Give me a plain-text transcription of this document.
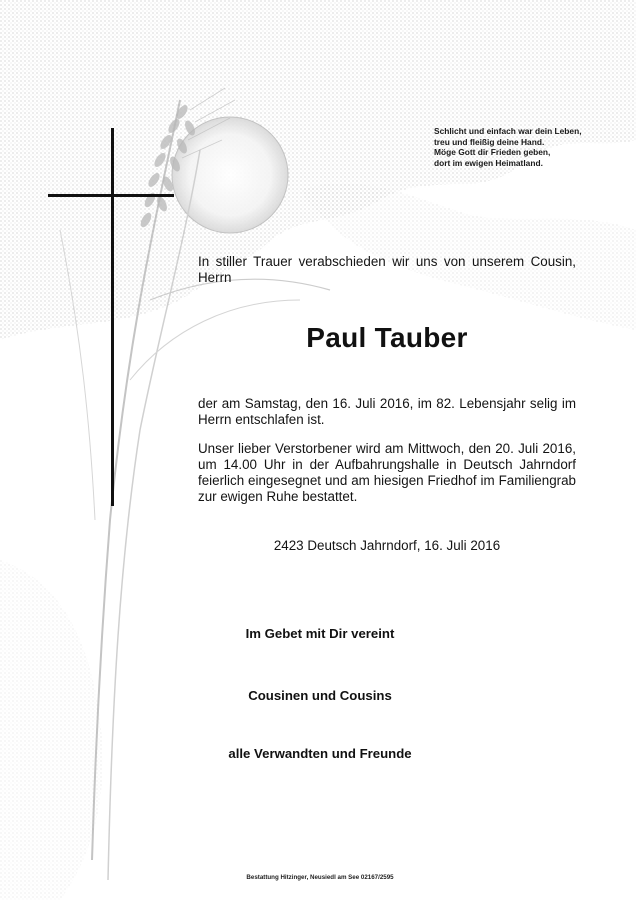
Schlicht und einfach war dein Leben,
treu und fleißig deine Hand.
Möge Gott dir Frieden geben,
dort im ewigen Heimatland.
In stiller Trauer verabschieden wir uns von unserem Cousin, Herrn
Paul Tauber
der am Samstag, den 16. Juli 2016, im 82. Lebensjahr selig im Herrn entschlafen ist.
Unser lieber Verstorbener wird am Mittwoch, den 20. Juli 2016, um 14.00 Uhr in der Aufbahrungshalle in Deutsch Jahrndorf feierlich eingesegnet und am hiesigen Friedhof im Familiengrab zur ewigen Ruhe bestattet.
2423 Deutsch Jahrndorf, 16. Juli 2016
Im Gebet mit Dir vereint
Cousinen und Cousins
alle Verwandten und Freunde
Bestattung Hitzinger, Neusiedl am See 02167/2595
